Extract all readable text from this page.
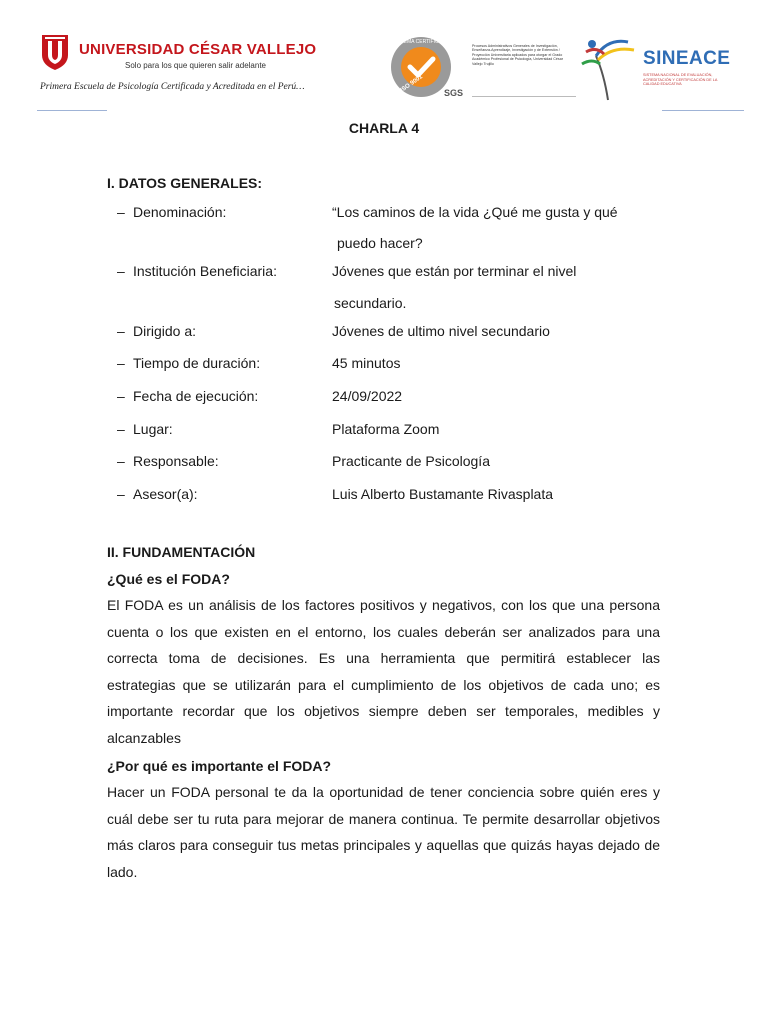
UNIVERSIDAD CÉSAR VALLEJO
Solo para los que quieren salir adelante
Primera Escuela de Psicología Certificada y Acreditada en el Perú…
SISTEMA CERTIFICADO
ISO 9001 SGS
Procesos Administrativos Generales de Investigación, Enseñanza-Aprendizaje, Investigación y de Extensión / Proyección Universitaria aplicados para otorgar el Grado Académico Profesional de Psicología, Universidad César Vallejo Trujillo	SINEACE
SISTEMA NACIONAL DE EVALUACIÓN, ACREDITACIÓN Y CERTIFICACIÓN DE LA CALIDAD EDUCATIVA
CHARLA 4
I. DATOS GENERALES:
– Denominación:	“Los caminos de la vida ¿Qué me gusta y qué
puedo hacer?
– Institución Beneficiaria:	Jóvenes que están por terminar el nivel
secundario.
– Dirigido a:	Jóvenes de ultimo nivel secundario
– Tiempo de duración:	45 minutos
– Fecha de ejecución:	24/09/2022
– Lugar:	Plataforma Zoom
– Responsable:	Practicante de Psicología
– Asesor(a):	Luis Alberto Bustamante Rivasplata
II. FUNDAMENTACIÓN
¿Qué es el FODA?
El FODA es un análisis de los factores positivos y negativos, con los que una persona cuenta o los que existen en el entorno, los cuales deberán ser analizados para una correcta toma de decisiones. Es una herramienta que permitirá establecer las estrategias que se utilizarán para el cumplimiento de los objetivos de cada uno; es importante recordar que los objetivos siempre deben ser temporales, medibles y alcanzables
¿Por qué es importante el FODA?
Hacer un FODA personal te da la oportunidad de tener conciencia sobre quién eres y cuál debe ser tu ruta para mejorar de manera continua. Te permite desarrollar objetivos más claros para conseguir tus metas principales y aquellas que quizás hayas dejado de lado.
